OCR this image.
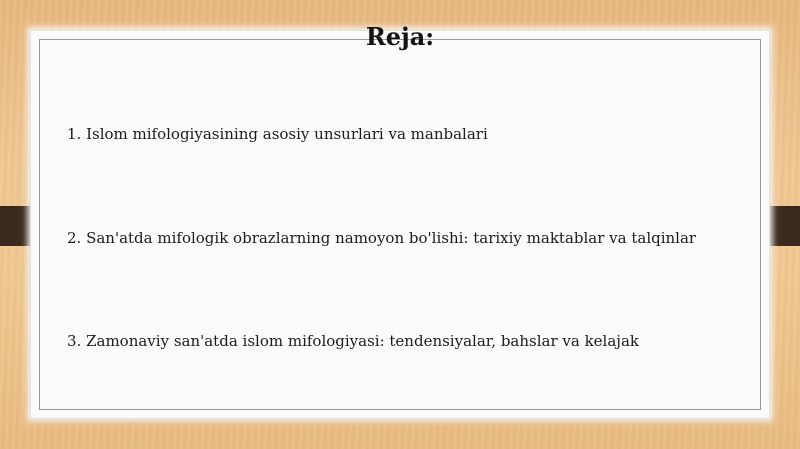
Reja:
1. Islom mifologiyasining asosiy unsurlari va manbalari
2. San'atda mifologik obrazlarning namoyon bo'lishi: tarixiy maktablar va talqinlar
3. Zamonaviy san'atda islom mifologiyasi: tendensiyalar, bahslar va kelajak
